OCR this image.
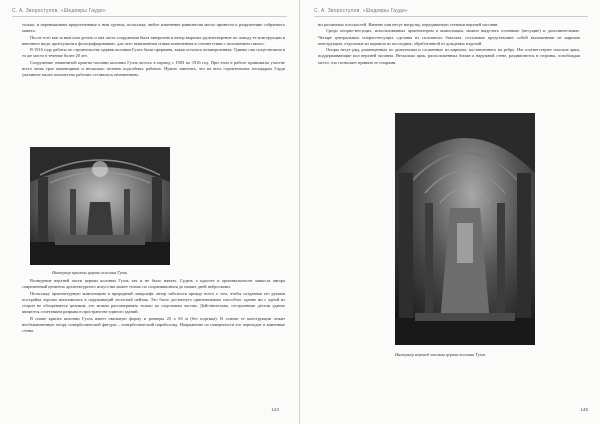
С. А. Зворостулов. «Шедевры Гауди»

только, и перевышивать прерогативные к ним группы, поскольку любое изменение равновесия могло привести к разрушению собранного макета.

После того как за ним шла деталь и она часть сооружения была завершена и автор выразил удовлетворение по поводу ее конструкции и внешнего вида, приступили к фотографированию, для чего вывешенная ставка повешенная в соответствии с положением самого.

В 1916 году работы по строительству церкви колонии Гуэль были прерваны, какая осталась незавершенная. Однако она существовала в то же место в течение более 20 лет.

Сооружение знаменитой крипты-часовни колонии Гуэль велось в период с 1903 по 1916 год. При этом в работе принимали участие всего лишь трое каменщиков и несколько человек подсобных рабочих. Нужно заметить, что на всех строительных площадках Гауди указанное малое количество рабочих оставалось неизменным.

Интерьер крипты церкви колонии Гуэль

Возведение верхней части церкви колонии Гуэль так и не было начато. Судить о красоте и оригинальности замысла автора современный ценитель архитектурного искусства может только по сохранившимся до наших дней набросками.

Поскольку архитектурную композицию в природный ландшафт, автор заботился прежде всего о том, чтобы созданная его руками постройка хорошо вписывалась в окружающий лесистый пейзаж. Это было достигнуто оригинальным способом: здание ни с одной из сторон не обозревается целиком, его можно рассматривать только по отдельным частям. Действительно, отстроенные детали удачно являются сочетанием разрыва в пространстве единого зданий.

В плане крипта колонии Гуэль имеет овальную форму и размеры 25 х 63 м (без портика). В основе ее конструкции лежит необыкновенную опору гиперболической фигуры – гиперболический параболоид. Напряжение по поверхности его переходит в каменные стены.

144
С. А. Зворостулов. «Шедевры Гауди»

ни различных плоскостей. Именно они несут нагрузку, передаваемую стенами верхней часовни.

Среди опорно-несущих, использованных архитектором в композиции, можно выделить основные (несущие) и дополнительные. Четыре центральных опорно-несущих сделаны из сплошного базальта, остальные представляют собой выложенные из кирпича конструкции, отдельные из кирпича из последних, обработанной от дождевых изделий.

Опоры несут ряд, размещенных по диагоналям и сложенных из кирпича, поставленного на ребро. Им соответствуют плоские арки, поддерживающие пол верхней часовни. Несколько арок, расположенных ближе к наружной стене, раздвигаются в стороны, освобождая место, что позволяет принять ее опорами.

Интерьер верхней часовни церкви колонии Гуэль
145
